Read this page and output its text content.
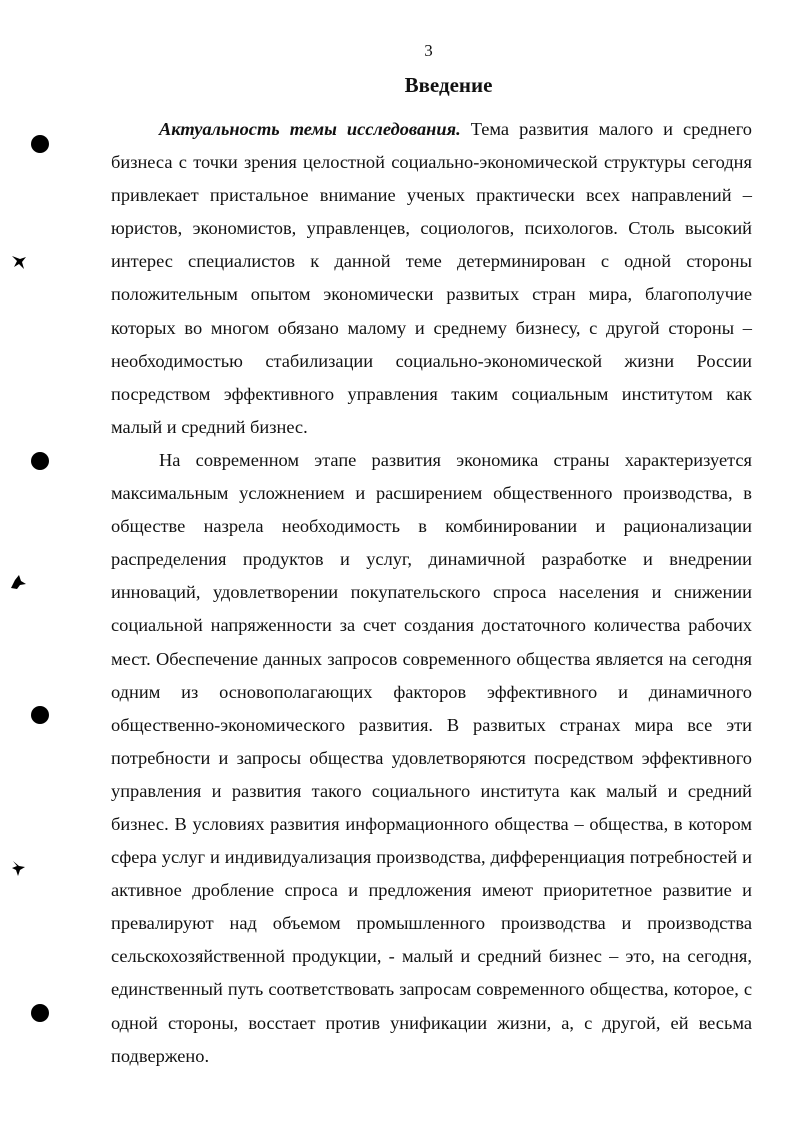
3
Введение

Актуальность темы исследования. Тема развития малого и среднего бизнеса с точки зрения целостной социально-экономической структуры сегодня привлекает пристальное внимание ученых практически всех направлений – юристов, экономистов, управленцев, социологов, психологов. Столь высокий интерес специалистов к данной теме детерминирован с одной стороны положительным опытом экономически развитых стран мира, благополучие которых во многом обязано малому и среднему бизнесу, с другой стороны – необходимостью стабилизации социально-экономической жизни России посредством эффективного управления таким социальным институтом как малый и средний бизнес.

На современном этапе развития экономика страны характеризуется максимальным усложнением и расширением общественного производства, в обществе назрела необходимость в комбинировании и рационализации распределения продуктов и услуг, динамичной разработке и внедрении инноваций, удовлетворении покупательского спроса населения и снижении социальной напряженности за счет создания достаточного количества рабочих мест. Обеспечение данных запросов современного общества является на сегодня одним из основополагающих факторов эффективного и динамичного общественно-экономического развития. В развитых странах мира все эти потребности и запросы общества удовлетворяются посредством эффективного управления и развития такого социального института как малый и средний бизнес. В условиях развития информационного общества – общества, в котором сфера услуг и индивидуализация производства, дифференциация потребностей и активное дробление спроса и предложения имеют приоритетное развитие и превалируют над объемом промышленного производства и производства сельскохозяйственной продукции, - малый и средний бизнес – это, на сегодня, единственный путь соответствовать запросам современного общества, которое, с одной стороны, восстает против унификации жизни, а, с другой, ей весьма подвержено.
